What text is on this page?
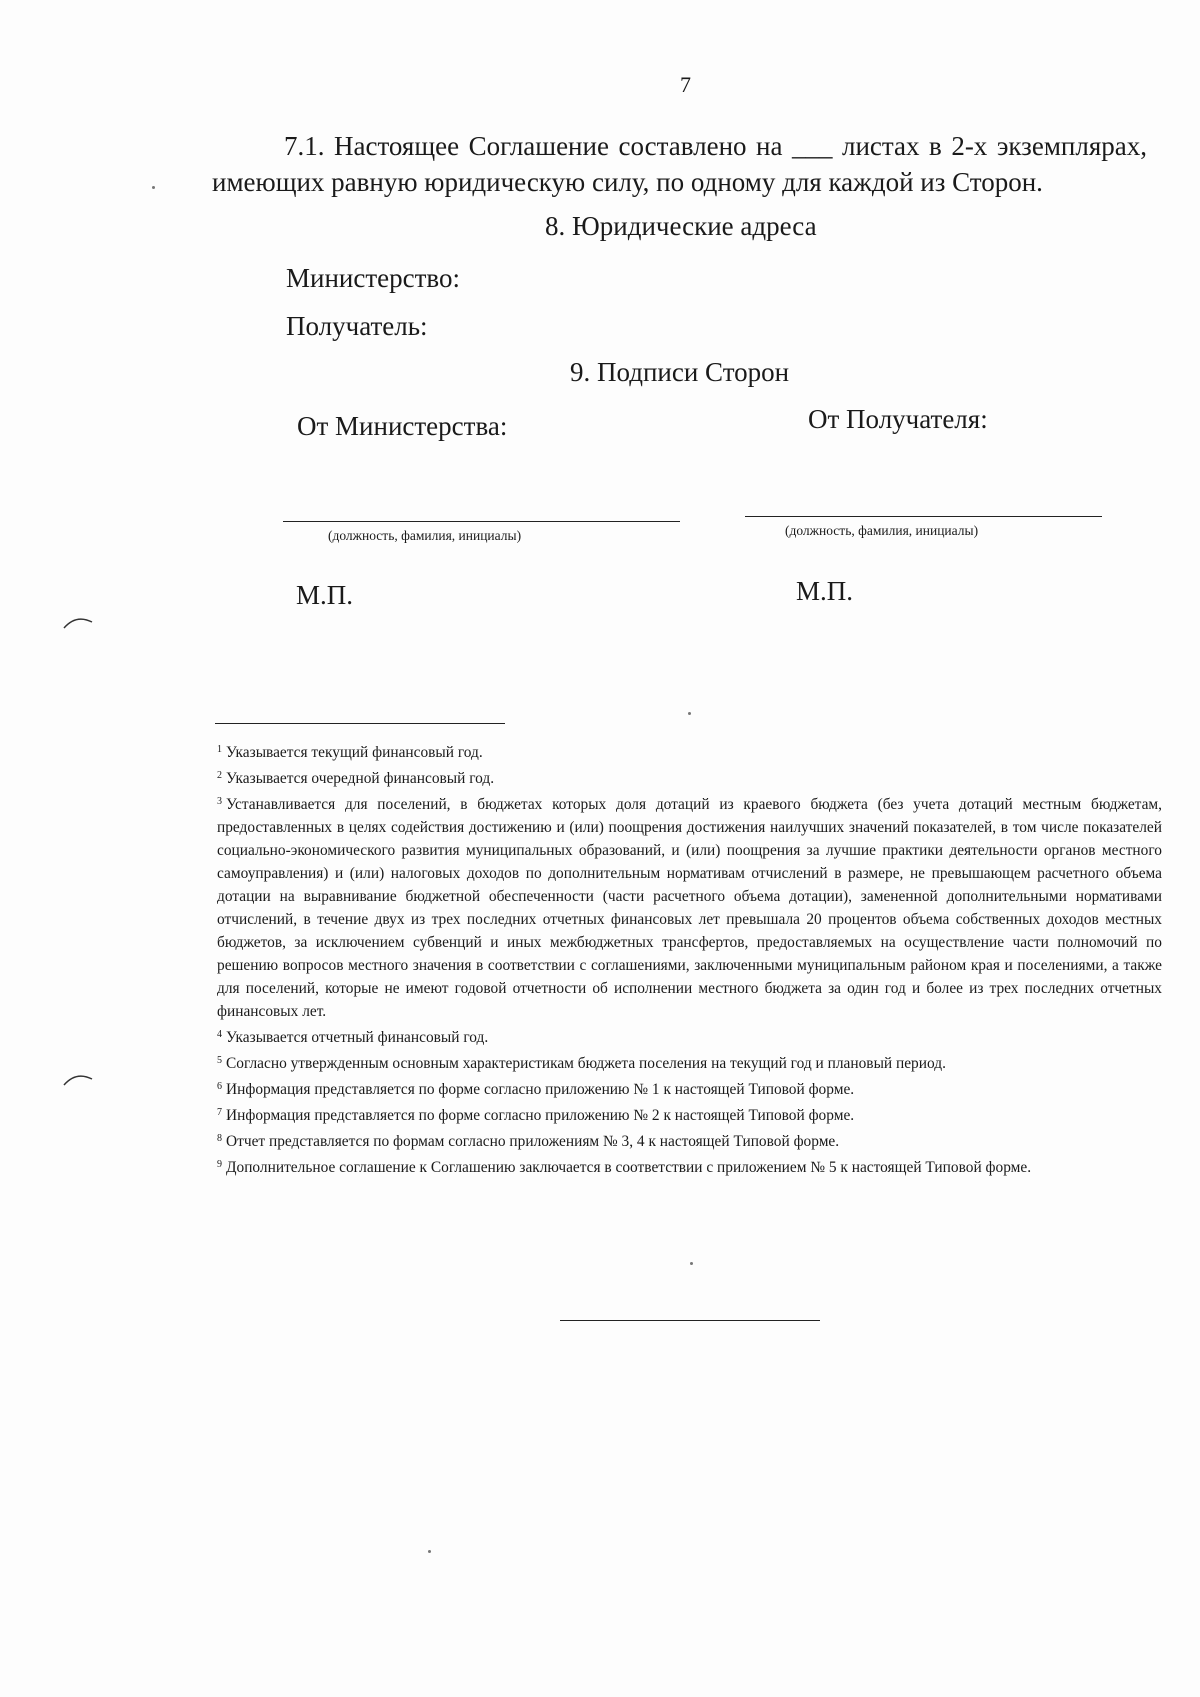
7
7.1. Настоящее Соглашение составлено на ___ листах в 2-х экземплярах, имеющих равную юридическую силу, по одному для каждой из Сторон.
8. Юридические адреса
Министерство:
Получатель:
9. Подписи Сторон
От Министерства:	От Получателя:
(должность, фамилия, инициалы)	(должность, фамилия, инициалы)
М.П.	М.П.

$^1$ Указывается текущий финансовый год.

$^2$ Указывается очередной финансовый год.

$^3$ Устанавливается для поселений, в бюджетах которых доля дотаций из краевого бюджета (без учета дотаций местным бюджетам, предоставленных в целях содействия достижению и (или) поощрения достижения наилучших значений показателей, в том числе показателей социально-экономического развития муниципальных образований, и (или) поощрения за лучшие практики деятельности органов местного самоуправления) и (или) налоговых доходов по дополнительным нормативам отчислений в размере, не превышающем расчетного объема дотации на выравнивание бюджетной обеспеченности (части расчетного объема дотации), замененной дополнительными нормативами отчислений, в течение двух из трех последних отчетных финансовых лет превышала 20 процентов объема собственных доходов местных бюджетов, за исключением субвенций и иных межбюджетных трансфертов, предоставляемых на осуществление части полномочий по решению вопросов местного значения в соответствии с соглашениями, заключенными муниципальным районом края и поселениями, а также для поселений, которые не имеют годовой отчетности об исполнении местного бюджета за один год и более из трех последних отчетных финансовых лет.

$^4$ Указывается отчетный финансовый год.

$^5$ Согласно утвержденным основным характеристикам бюджета поселения на текущий год и плановый период.

$^6$ Информация представляется по форме согласно приложению № 1 к настоящей Типовой форме.

$^7$ Информация представляется по форме согласно приложению № 2 к настоящей Типовой форме.

$^8$ Отчет представляется по формам согласно приложениям № 3, 4 к настоящей Типовой форме.

$^9$ Дополнительное соглашение к Соглашению заключается в соответствии с приложением № 5 к настоящей Типовой форме.
